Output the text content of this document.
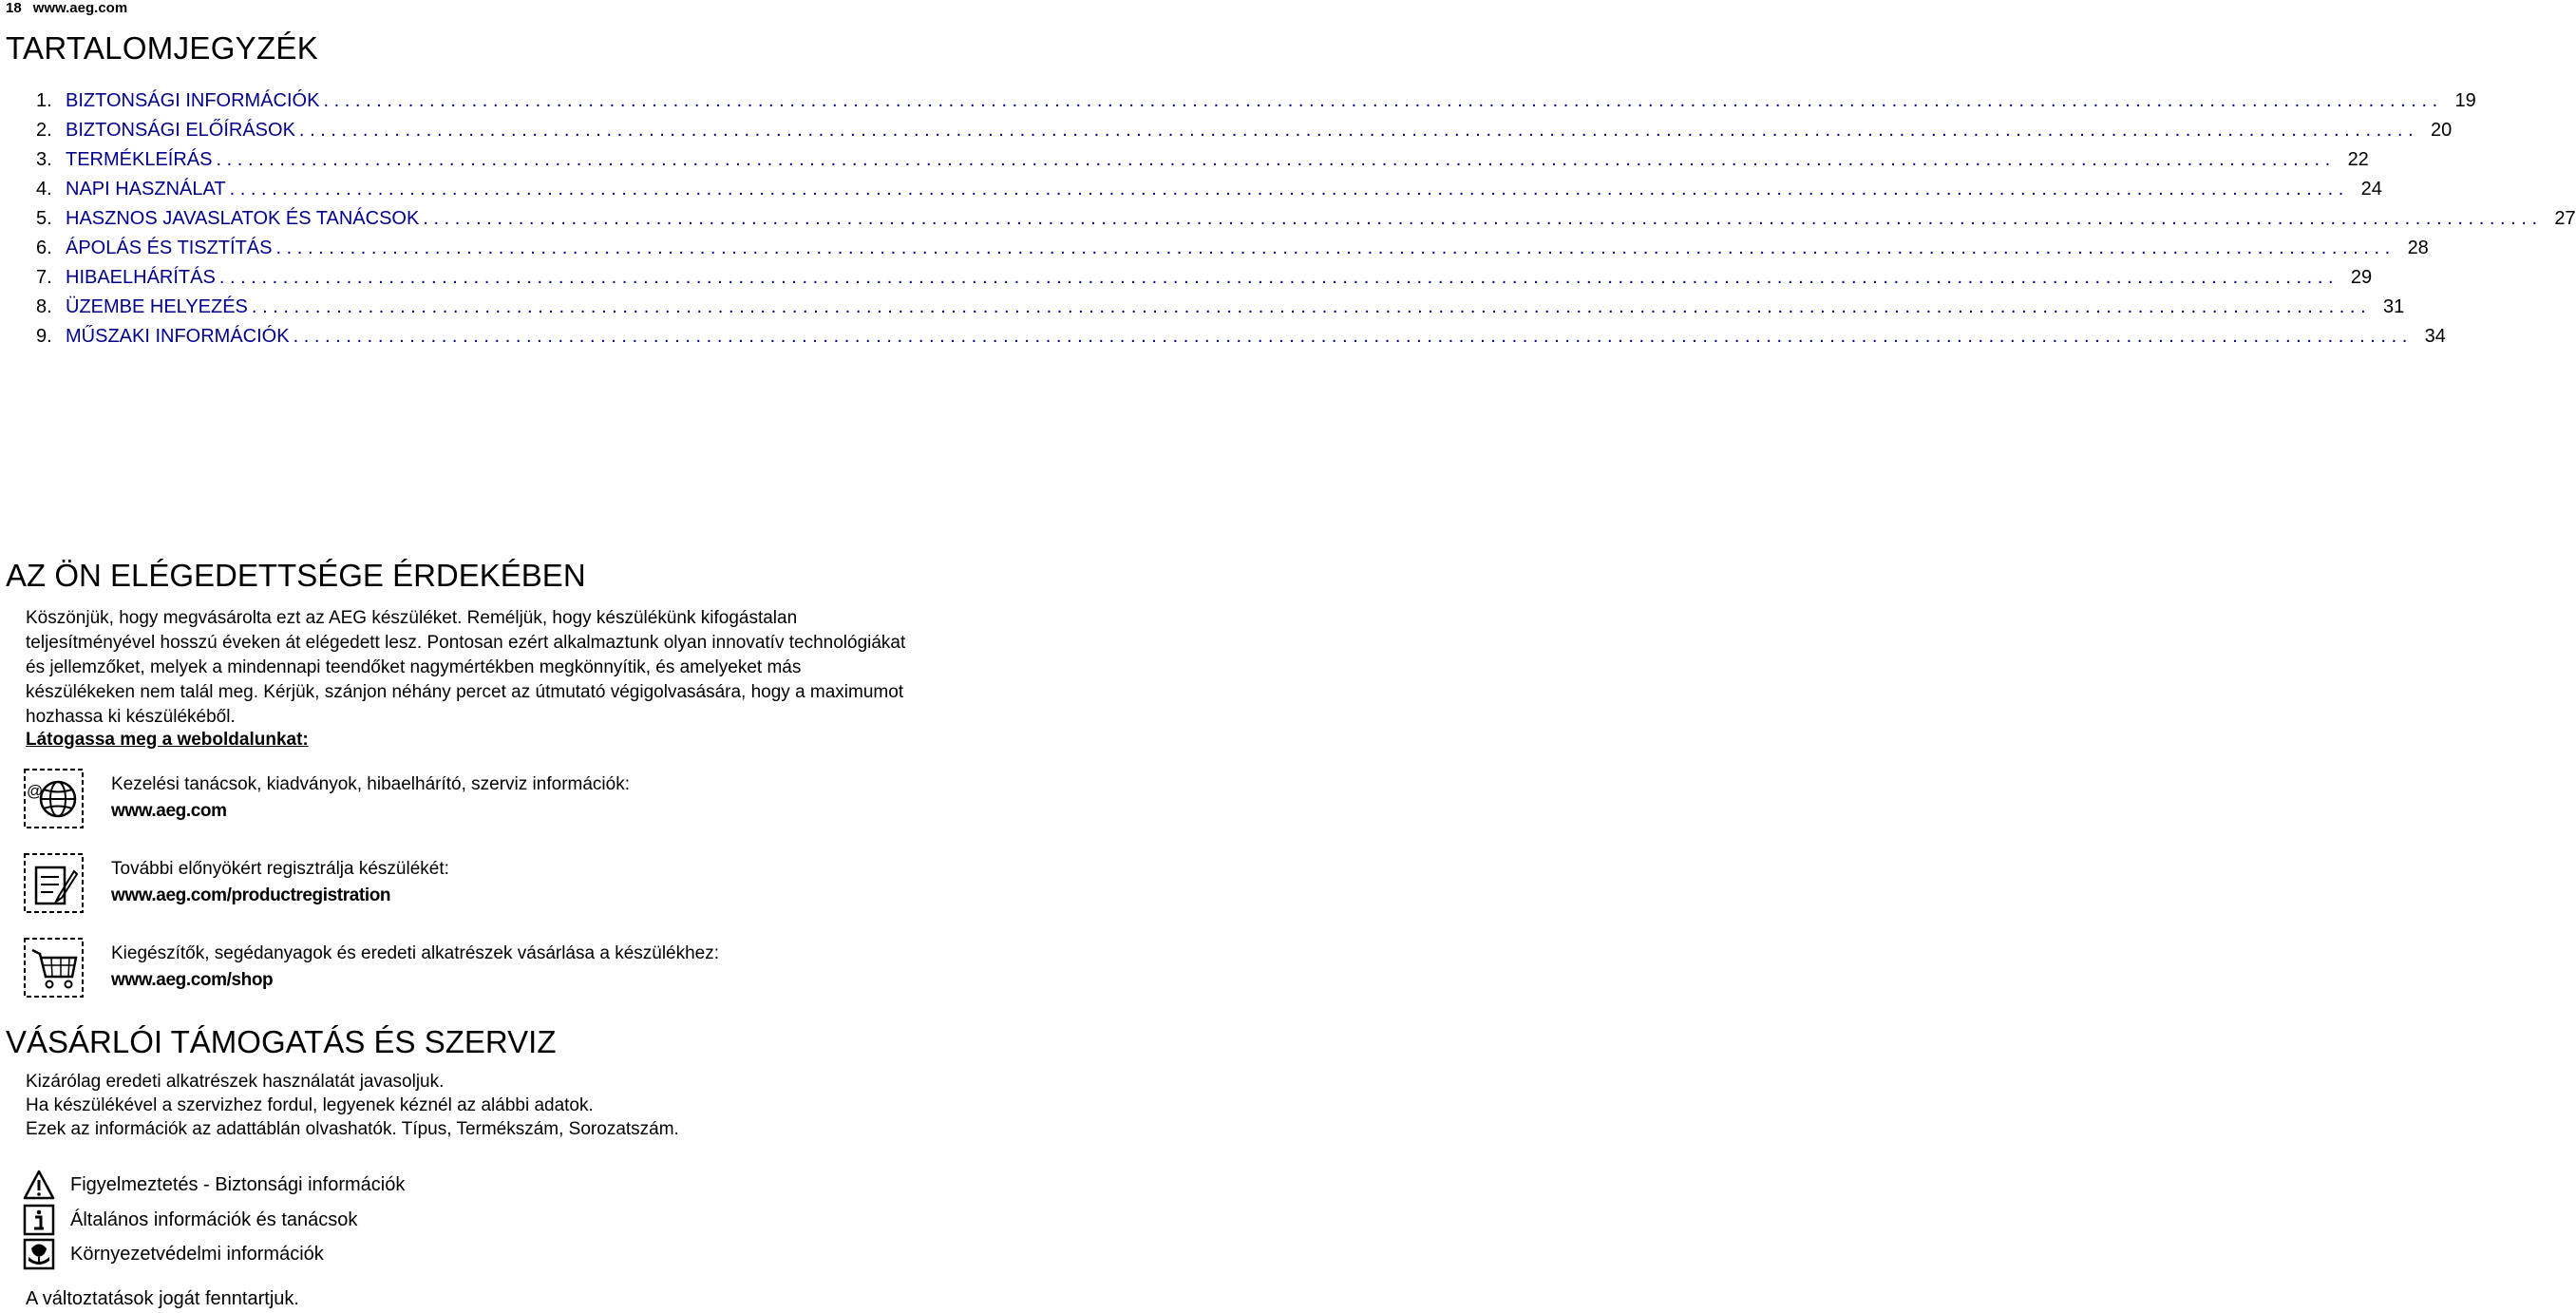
18 www.aeg.com
TARTALOMJEGYZÉK
1. BIZTONSÁGI INFORMÁCIÓK ........................................................................................................................................................................................................ 19
2. BIZTONSÁGI ELŐÍRÁSOK ........................................................................................................................................................................................................ 20
3. TERMÉKLEÍRÁS ........................................................................................................................................................................................................ 22
4. NAPI HASZNÁLAT ........................................................................................................................................................................................................ 24
5. HASZNOS JAVASLATOK ÉS TANÁCSOK ........................................................................................................................................................................................................ 27
6. ÁPOLÁS ÉS TISZTÍTÁS ........................................................................................................................................................................................................ 28
7. HIBAELHÁRÍTÁS ........................................................................................................................................................................................................ 29
8. ÜZEMBE HELYEZÉS ........................................................................................................................................................................................................ 31
9. MŰSZAKI INFORMÁCIÓK ........................................................................................................................................................................................................ 34
AZ ÖN ELÉGEDETTSÉGE ÉRDEKÉBEN

Köszönjük, hogy megvásárolta ezt az AEG készüléket. Reméljük, hogy készülékünk kifogástalan teljesítményével hosszú éveken át elégedett lesz. Pontosan ezért alkalmaztunk olyan innovatív technológiákat és jellemzőket, melyek a mindennapi teendőket nagymértékben megkönnyítik, és amelyeket más készülékeken nem talál meg. Kérjük, szánjon néhány percet az útmutató végigolvasására, hogy a maximumot hozhassa ki készülékéből.

Látogassa meg a weboldalunkat:
@	Kezelési tanácsok, kiadványok, hibaelhárító, szerviz információk:
www.aeg.com
További előnyökért regisztrálja készülékét:
www.aeg.com/productregistration
Kiegészítők, segédanyagok és eredeti alkatrészek vásárlása a készülékhez:
www.aeg.com/shop
VÁSÁRLÓI TÁMOGATÁS ÉS SZERVIZ

Kizárólag eredeti alkatrészek használatát javasoljuk.
Ha készülékével a szervizhez fordul, legyenek kéznél az alábbi adatok.
Ezek az információk az adattáblán olvashatók. Típus, Termékszám, Sorozatszám.

Figyelmeztetés - Biztonsági információk
Általános információk és tanácsok
Környezetvédelmi információk
A változtatások jogát fenntartjuk.
